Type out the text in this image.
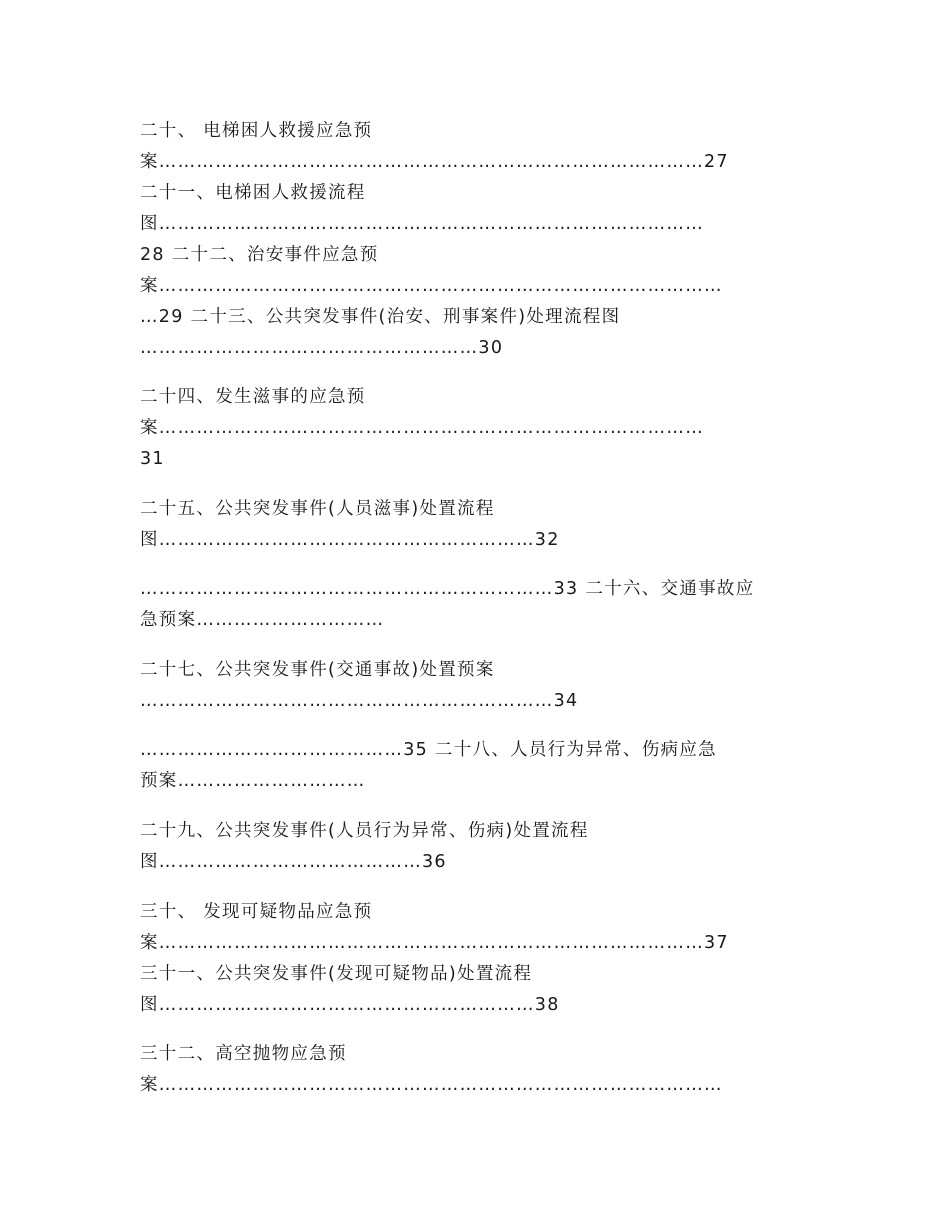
二十、 电梯困人救援应急预

案……………………………………………………………………………27

二十一、电梯困人救援流程

图……………………………………………………………………………

28 二十二、治安事件应急预

案………………………………………………………………………………

…29 二十三、公共突发事件(治安、刑事案件)处理流程图

………………………………………………30

二十四、发生滋事的应急预

案……………………………………………………………………………

31

二十五、公共突发事件(人员滋事)处置流程

图……………………………………………………32

…………………………………………………………33 二十六、交通事故应

急预案…………………………

二十七、公共突发事件(交通事故)处置预案

…………………………………………………………34

……………………………………35 二十八、人员行为异常、伤病应急

预案…………………………

二十九、公共突发事件(人员行为异常、伤病)处置流程

图……………………………………36

三十、 发现可疑物品应急预

案……………………………………………………………………………37

三十一、公共突发事件(发现可疑物品)处置流程

图……………………………………………………38

三十二、高空抛物应急预

案………………………………………………………………………………
